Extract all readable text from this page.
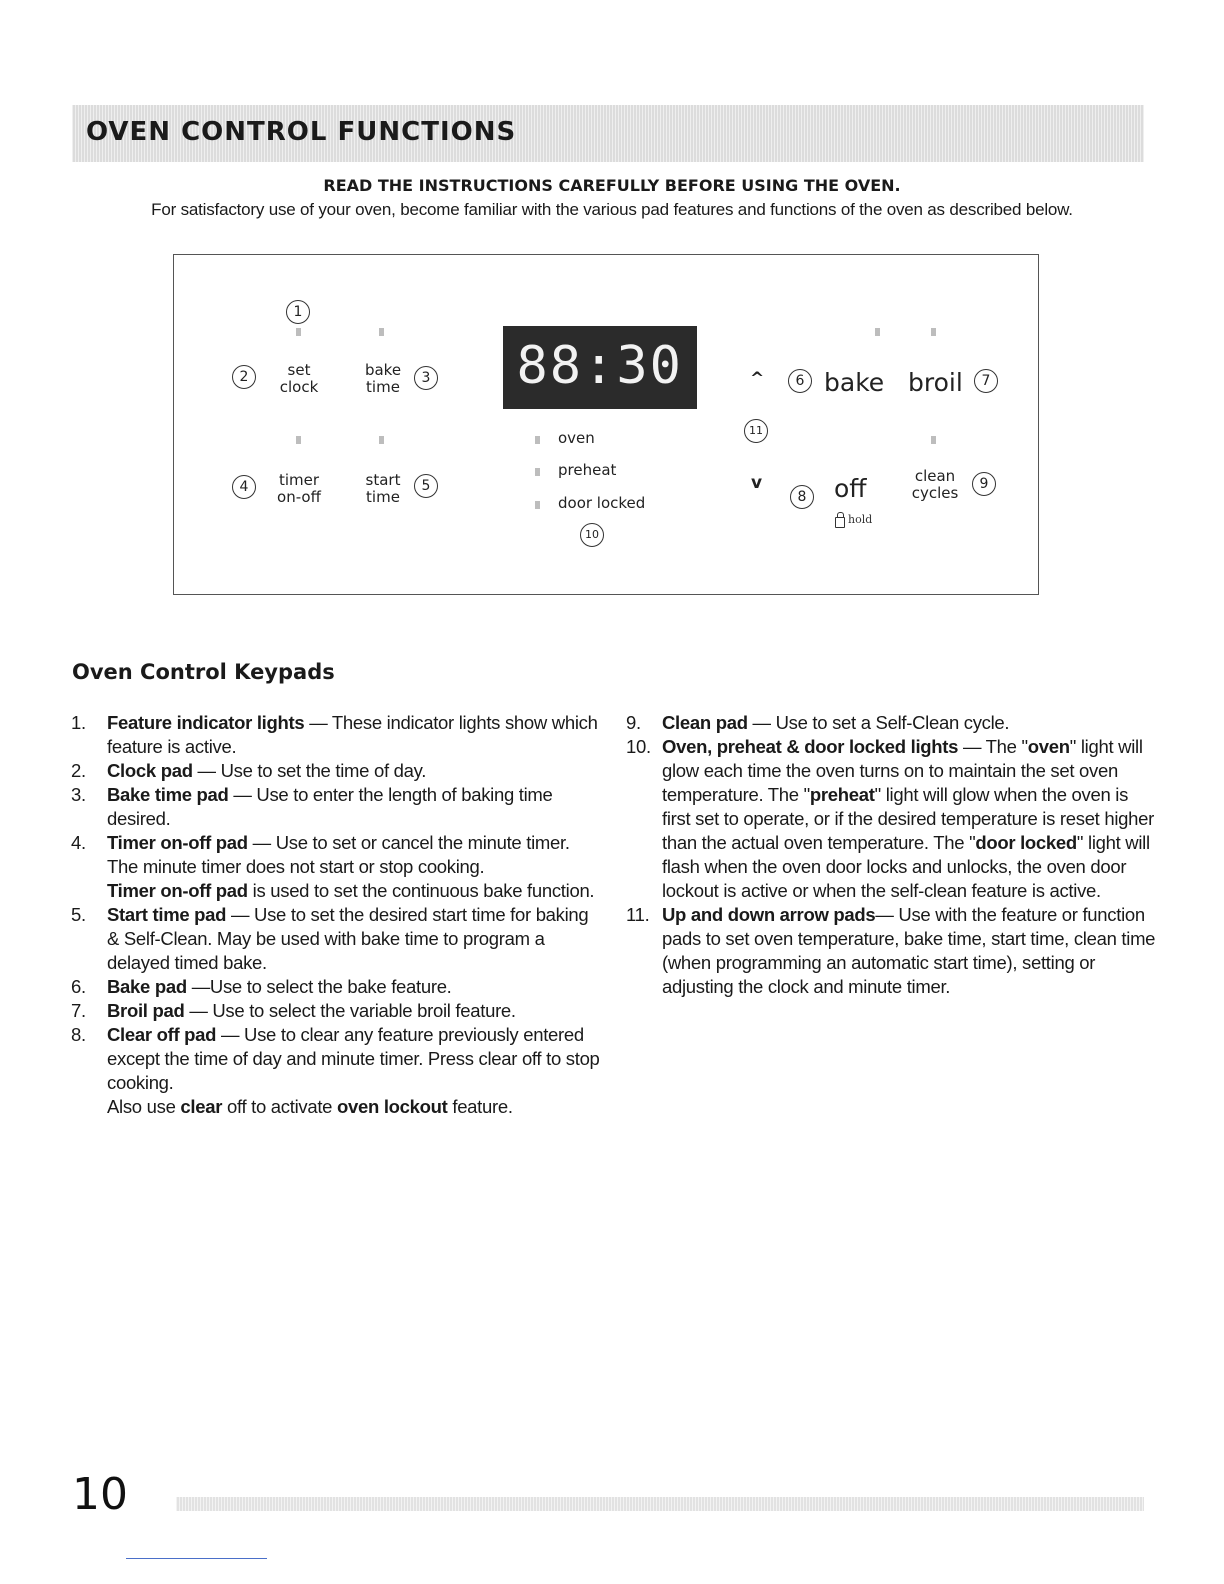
OVEN CONTROL FUNCTIONS
READ THE INSTRUCTIONS CAREFULLY BEFORE USING THE OVEN.
For satisfactory use of your oven, become familiar with the various pad features and functions of the oven as described below.
1
2	set
clock
bake
time	3
4	timer
on-off
start
time
5
88:30
oven
preheat
door locked
10
^
11
v
6 bake broil	7
8	off
hold
clean
cycles	9
Oven Control Keypads
1. Feature indicator lights — These indicator lights show which feature is active.
2. Clock pad — Use to set the time of day.
3. Bake time pad — Use to enter the length of baking time desired.
4. Timer on-off pad — Use to set or cancel the minute timer. The minute timer does not start or stop cooking.
Timer on-off pad is used to set the continuous bake function.
5. Start time pad — Use to set the desired start time for baking & Self-Clean. May be used with bake time to program a delayed timed bake.
6. Bake pad —Use to select the bake feature.
7. Broil pad — Use to select the variable broil feature.
8. Clear off pad — Use to clear any feature previously entered except the time of day and minute timer. Press clear off to stop cooking.
Also use clear off to activate oven lockout feature.
9. Clean pad — Use to set a Self-Clean cycle.
10. Oven, preheat & door locked lights — The "oven" light will glow each time the oven turns on to maintain the set oven temperature. The "preheat" light will glow when the oven is first set to operate, or if the desired temperature is reset higher than the actual oven temperature. The "door locked" light will flash when the oven door locks and unlocks, the oven door lockout is active or when the self-clean feature is active.
11. Up and down arrow pads— Use with the feature or function pads to set oven temperature, bake time, start time, clean time (when programming an automatic start time), setting or adjusting the clock and minute timer.
10
